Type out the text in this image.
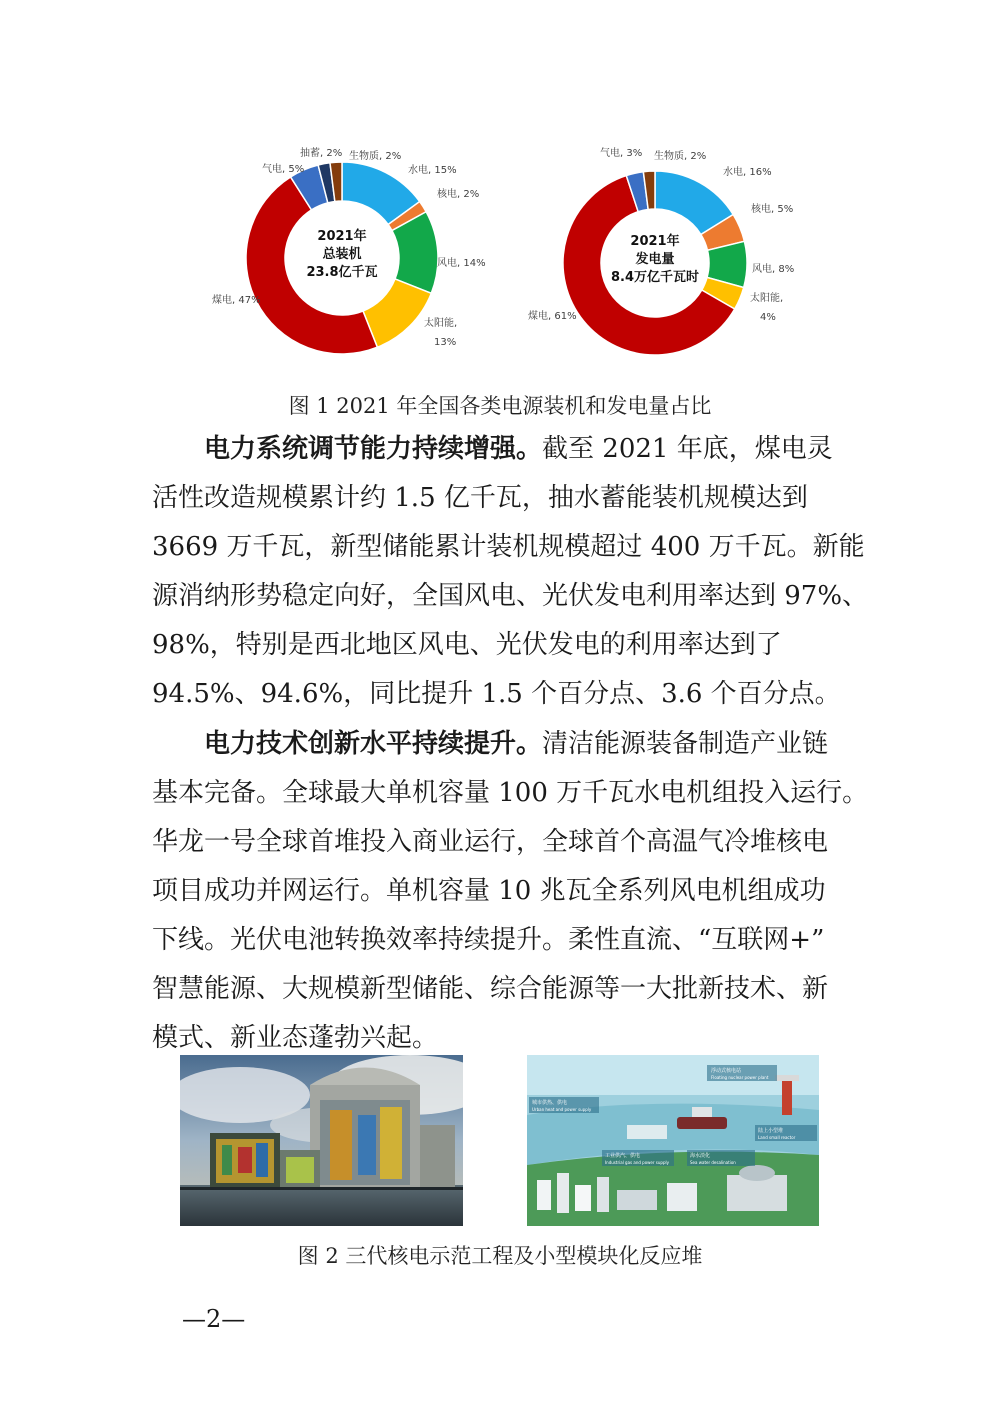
水电, 15%
核电, 2%
风电, 14%
太阳能,
13%
煤电, 47%
气电, 5%
抽蓄, 2% 生物质, 2%
2021年
总装机
23.8亿千瓦
水电, 16%
核电, 5%
风电, 8%
太阳能,
4%
煤电, 61%
气电, 3% 生物质, 2%
2021年
发电量
8.4万亿千瓦时
图 1 2021 年全国各类电源装机和发电量占比
电力系统调节能力持续增强。截至 2021 年底，煤电灵
活性改造规模累计约 1.5 亿千瓦，抽水蓄能装机规模达到
3669 万千瓦，新型储能累计装机规模超过 400 万千瓦。新能
源消纳形势稳定向好，全国风电、光伏发电利用率达到 97%、
98%，特别是西北地区风电、光伏发电的利用率达到了
94.5%、94.6%，同比提升 1.5 个百分点、3.6 个百分点。
电力技术创新水平持续提升。清洁能源装备制造产业链
基本完备。全球最大单机容量 100 万千瓦水电机组投入运行。
华龙一号全球首堆投入商业运行，全球首个高温气冷堆核电
项目成功并网运行。单机容量 10 兆瓦全系列风电机组成功
下线。光伏电池转换效率持续提升。柔性直流、“互联网+”
智慧能源、大规模新型储能、综合能源等一大批新技术、新
模式、新业态蓬勃兴起。
城市供热、供电
Urban heat and power supply
浮动式核电站
Floating nuclear power plant
工业供汽、供电
Industrial gas and power supply
海水淡化
Sea water desalination
陆上小型堆
Land small reactor
图 2 三代核电示范工程及小型模块化反应堆
—2—
